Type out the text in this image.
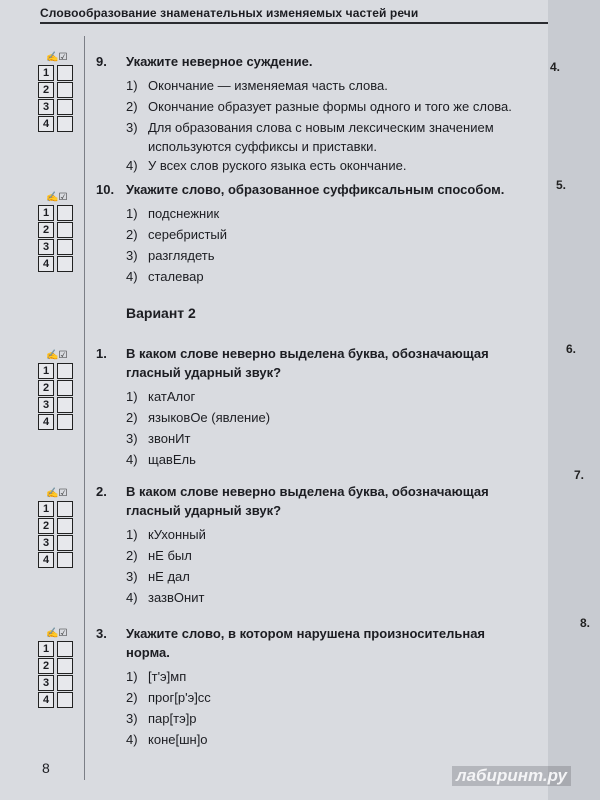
Словообразование знаменательных изменяемых частей речи
✍☑
1
2
3
4
✍☑
1
2
3
4
✍☑
1
2
3
4
✍☑
1
2
3
4
✍☑
1
2
3
4
9.	Укажите неверное суждение.
1) Окончание — изменяемая часть слова.
2) Окончание образует разные формы одного и того же слова.
3) Для образования слова с новым лексическим значением
используются суффиксы и приставки.
4) У всех слов руского языка есть окончание.
10. Укажите слово, образованное суффиксальным способом.
1) подснежник
2) серебристый
3) разглядеть
4) сталевар
Вариант 2
1.	В каком слове неверно выделена буква, обозначающая
гласный ударный звук?
1) катАлог
2) языковОе (явление)
3) звонИт
4) щавЕль
2.	В каком слове неверно выделена буква, обозначающая
гласный ударный звук?
1) кУхонный
2) нЕ был
3) нЕ дал
4) зазвОнит
3.	Укажите слово, в котором нарушена произносительная
норма.
1) [т'э]мп
2) прог[р'э]сс
3) пар[тэ]р
4) коне[шн]о
8
4.
5.
6.
7.
8.
лабиринт.ру
